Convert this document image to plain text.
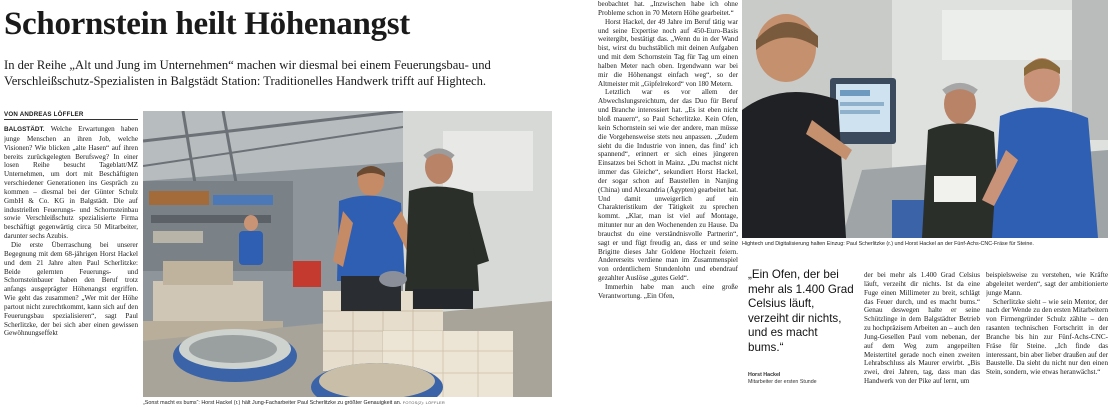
Schornstein heilt Höhenangst
In der Reihe „Alt und Jung im Unternehmen“ machen wir diesmal bei einem Feuerungsbau- und Verschleißschutz-Spezialisten in Balgstädt Station: Traditionelles Handwerk trifft auf Hightech.
VON ANDREAS LÖFFLER

BALGSTÄDT. Welche Erwartungen haben junge Menschen an ihren Job, welche Visionen? Wie blicken „alte Hasen“ auf ihren bereits zurückgelegten Berufsweg? In einer losen Reihe besucht Tageblatt/MZ Unternehmen, um dort mit Beschäftigten verschiedener Generationen ins Gespräch zu kommen – diesmal bei der Günter Schulz GmbH & Co. KG in Balgstädt. Die auf industriellen Feuerungs- und Schornsteinbau sowie Verschleißschutz spezialisierte Firma beschäftigt gegenwärtig circa 50 Mitarbeiter, darunter sechs Azubis.

Die erste Überraschung bei unserer Begegnung mit dem 68-jährigen Horst Hackel und dem 21 Jahre alten Paul Scherlitzke: Beide gelernten Feuerungs- und Schornsteinbauer haben den Beruf trotz anfangs ausgeprägter Höhenangst ergriffen. Wie geht das zusammen? „Wer mit der Höhe partout nicht zurechtkommt, kann sich auf den Feuerungsbau spezialisieren“, sagt Paul Scherlitzke, der bei sich aber einen gewissen Gewöhnungseffekt

„Sonst macht es bums“: Horst Hackel (r.) hält Jung-Facharbeiter Paul Scherlitzke zu größter Genauigkeit an. FOTOS(2): LÖFFLER

beobachtet hat. „Inzwischen habe ich ohne Probleme schon in 70 Metern Höhe gearbeitet.“

Horst Hackel, der 49 Jahre im Beruf tätig war und seine Expertise noch auf 450-Euro-Basis weitergibt, bestätigt das. „Wenn du in der Wand bist, wirst du buchstäblich mit deinen Aufgaben und mit dem Schornstein Tag für Tag um einen halben Meter nach oben. Irgendwann war bei mir die Höhenangst einfach weg“, so der Altmeister mit „Gipfelrekord“ von 180 Metern.

Letztlich war es vor allem der Abwechslungsreichtum, der das Duo für Beruf und Branche interessiert hat. „Es ist eben nicht bloß mauern“, so Paul Scherlitzke. Kein Ofen, kein Schornstein sei wie der andere, man müsse die Vorgehensweise stets neu anpassen. „Zudem sieht du die Industrie von innen, das find’ ich spannend“, erinnert er sich eines jüngeren Einsatzes bei Schott in Mainz. „Du machst nicht immer das Gleiche“, sekundiert Horst Hackel, der sogar schon auf Baustellen in Nanjing (China) und Alexandria (Ägypten) gearbeitet hat. Und damit unweigerlich auf ein Charakteristikum der Tätigkeit zu sprechen kommt. „Klar, man ist viel auf Montage, mitunter nur an den Wochenenden zu Hause. Da brauchst du eine verständnisvolle Partnerin“, sagt er und fügt freudig an, dass er und seine Brigitte dieses Jahr Goldene Hochzeit feiern. Andererseits verdiene man im Zusammenspiel von ordentlichem Stundenlohn und ebendrauf gezahlter Auslöse „gutes Geld“.

Immerhin habe man auch eine große Verantwortung. „Ein Ofen,

Hightech und Digitalisierung halten Einzug: Paul Scherlitzke (r.) und Horst Hackel an der Fünf-Achs-CNC-Fräse für Steine.
„Ein Ofen, der bei mehr als 1.400 Grad Celsius läuft, verzeiht dir nichts, und es macht bums.“
Horst Hackel
Mitarbeiter der ersten Stunde

der bei mehr als 1.400 Grad Celsius läuft, verzeiht dir nichts. Ist da eine Fuge einen Millimeter zu breit, schlägt das Feuer durch, und es macht bums.“ Genau deswegen halte er seine Schützlinge in dem Balgstädter Betrieb zu hochpräzisem Arbeiten an – auch den Jung-Gesellen Paul vom nebenan, der auf dem Weg zum angepeilten Meistertitel gerade noch einen zweiten Lehrabschluss als Maurer erwirbt. „Bis zwei, drei Jahren, tag, dass man das Handwerk von der Pike auf lernt, um

beispielsweise zu verstehen, wie Kräfte abgeleitet werden“, sagt der ambitionierte junge Mann.

Scherlitzke sieht – wie sein Mentor, der nach der Wende zu den ersten Mitarbeitern von Firmengründer Schulz zählte – den rasanten technischen Fortschritt in der Branche bis hin zur Fünf-Achs-CNC-Fräse für Steine. „Ich finde das interessant, bin aber lieber draußen auf der Baustelle. Da sieht du nicht nur den einen Stein, sondern, wie etwas heranwächst.“
